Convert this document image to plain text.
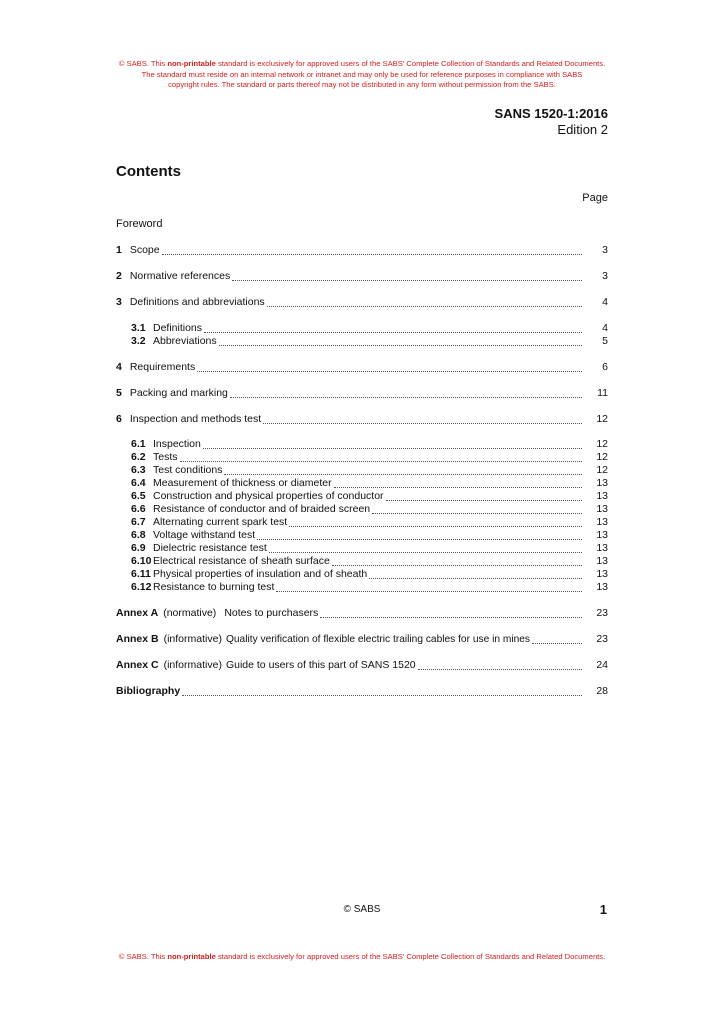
© SABS. This non-printable standard is exclusively for approved users of the SABS' Complete Collection of Standards and Related Documents.
The standard must reside on an internal network or intranet and may only be used for reference purposes in compliance with SABS
copyright rules. The standard or parts thereof may not be distributed in any form without permission from the SABS.
SANS 1520-1:2016
Edition 2
Contents
Page
Foreword
1 Scope	3
2 Normative references	3
3 Definitions and abbreviations	4
3.1 Definitions	4
3.2 Abbreviations	5
4 Requirements	6
5 Packing and marking	11
6 Inspection and methods test	12
6.1 Inspection	12
6.2 Tests	12
6.3 Test conditions	12
6.4 Measurement of thickness or diameter	13
6.5 Construction and physical properties of conductor	13
6.6 Resistance of conductor and of braided screen	13
6.7 Alternating current spark test	13
6.8 Voltage withstand test	13
6.9 Dielectric resistance test	13
6.10 Electrical resistance of sheath surface	13
6.11 Physical properties of insulation and of sheath	13
6.12 Resistance to burning test	13
Annex A (normative) Notes to purchasers	23
Annex B (informative) Quality verification of flexible electric trailing cables for use in mines	23
Annex C (informative) Guide to users of this part of SANS 1520	24
Bibliography	28
© SABS	1
© SABS. This non-printable standard is exclusively for approved users of the SABS' Complete Collection of Standards and Related Documents.
